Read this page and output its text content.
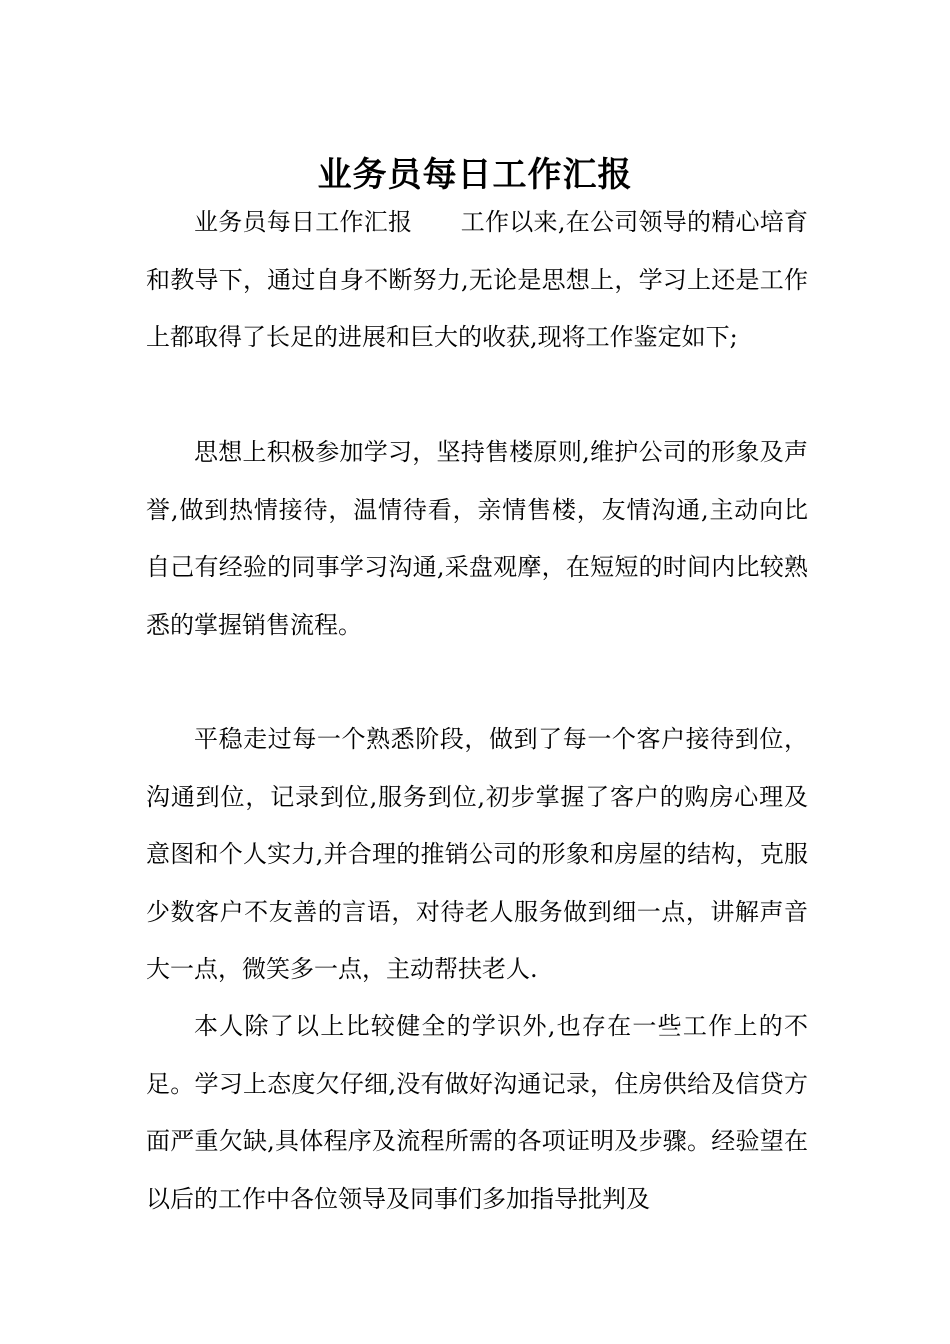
业务员每日工作汇报

业务员每日工作汇报　　工作以来,在公司领导的精心培育和教导下，通过自身不断努力,无论是思想上，学习上还是工作上都取得了长足的进展和巨大的收获,现将工作鉴定如下;

思想上积极参加学习，坚持售楼原则,维护公司的形象及声誉,做到热情接待，温情待看，亲情售楼，友情沟通,主动向比自己有经验的同事学习沟通,采盘观摩，在短短的时间内比较熟悉的掌握销售流程。

平稳走过每一个熟悉阶段，做到了每一个客户接待到位，沟通到位，记录到位,服务到位,初步掌握了客户的购房心理及意图和个人实力,并合理的推销公司的形象和房屋的结构，克服少数客户不友善的言语，对待老人服务做到细一点，讲解声音大一点，微笑多一点，主动帮扶老人.

本人除了以上比较健全的学识外,也存在一些工作上的不足。学习上态度欠仔细,没有做好沟通记录，住房供给及信贷方面严重欠缺,具体程序及流程所需的各项证明及步骤。经验望在以后的工作中各位领导及同事们多加指导批判及
